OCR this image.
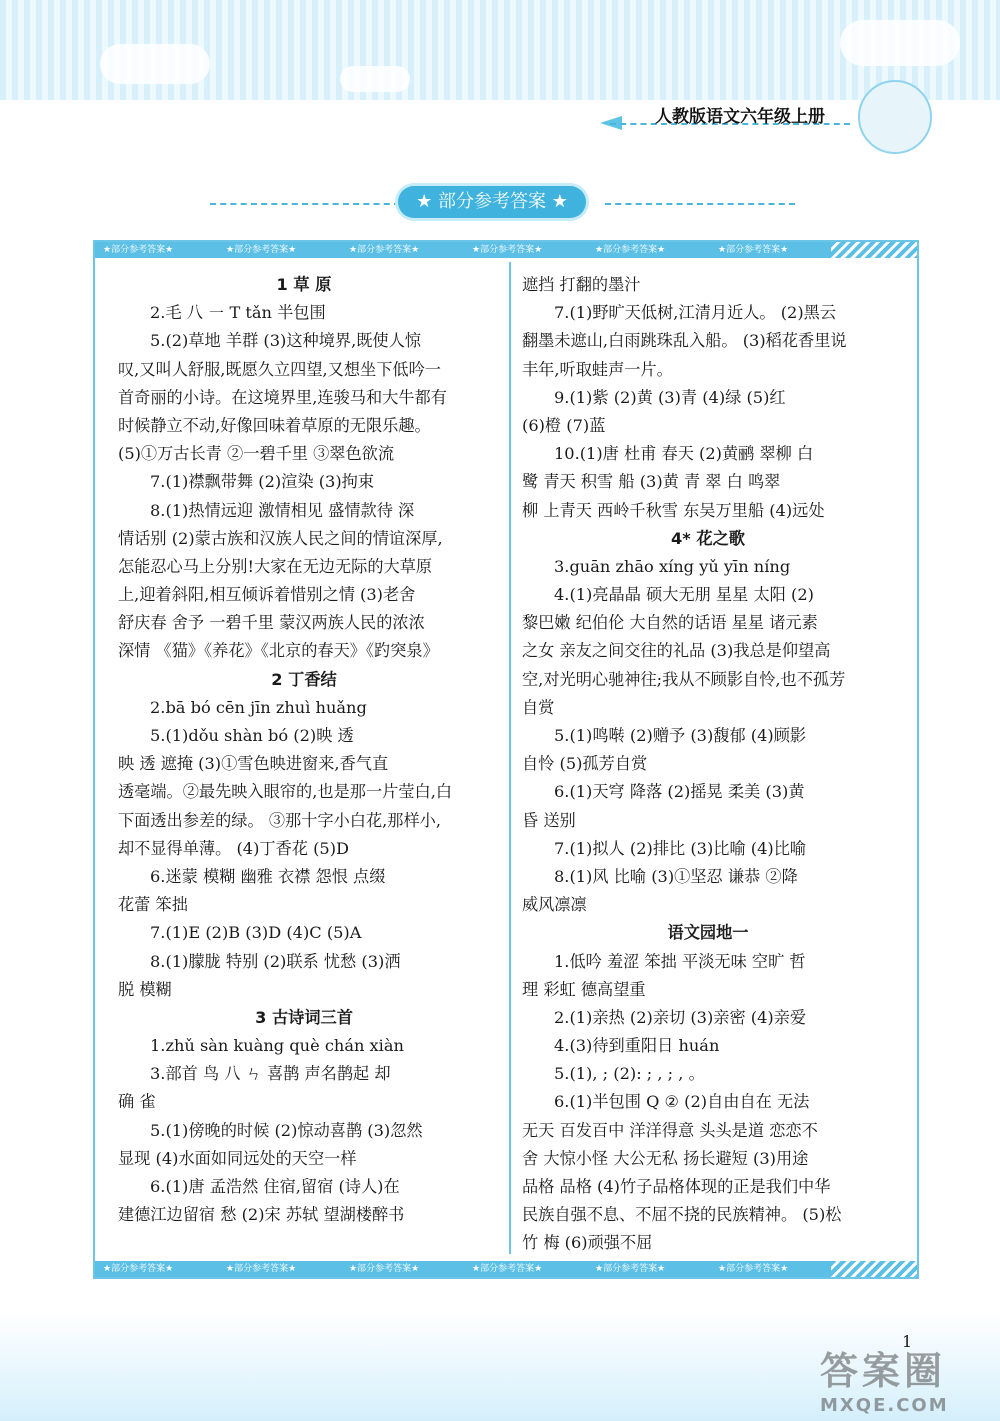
人教版语文六年级上册
★ 部分参考答案 ★
★部分参考答案★	★部分参考答案★	★部分参考答案★	★部分参考答案★	★部分参考答案★	★部分参考答案★
★部分参考答案★	★部分参考答案★	★部分参考答案★	★部分参考答案★	★部分参考答案★	★部分参考答案★
1 草 原
2.毛 八 ㇐ T tǎn 半包围
5.(2)草地 羊群 (3)这种境界,既使人惊
叹,又叫人舒服,既愿久立四望,又想坐下低吟一
首奇丽的小诗。在这境界里,连骏马和大牛都有
时候静立不动,好像回味着草原的无限乐趣。
(5)①万古长青 ②一碧千里 ③翠色欲流
7.(1)襟飘带舞 (2)渲染 (3)拘束
8.(1)热情远迎 激情相见 盛情款待 深
情话别 (2)蒙古族和汉族人民之间的情谊深厚,
怎能忍心马上分别!大家在无边无际的大草原
上,迎着斜阳,相互倾诉着惜别之情 (3)老舍
舒庆春 舍予 一碧千里 蒙汉两族人民的浓浓
深情 《猫》《养花》《北京的春天》《趵突泉》
2 丁香结
2.bā bó cēn jīn zhuì huǎng
5.(1)dǒu shàn bó (2)映 透
映 透 遮掩 (3)①雪色映进窗来,香气直
透毫端。②最先映入眼帘的,也是那一片莹白,白
下面透出参差的绿。 ③那十字小白花,那样小,
却不显得单薄。 (4)丁香花 (5)D
6.迷蒙 模糊 幽雅 衣襟 怨恨 点缀
花蕾 笨拙
7.(1)E (2)B (3)D (4)C (5)A
8.(1)朦胧 特别 (2)联系 忧愁 (3)洒
脱 模糊
3 古诗词三首
1.zhǔ sàn kuàng què chán xiàn
3.部首 鸟 八 ㄣ 喜鹊 声名鹊起 却
确 雀
5.(1)傍晚的时候 (2)惊动喜鹊 (3)忽然
显现 (4)水面如同远处的天空一样
6.(1)唐 孟浩然 住宿,留宿 (诗人)在
建德江边留宿 愁 (2)宋 苏轼 望湖楼醉书
遮挡 打翻的墨汁
7.(1)野旷天低树,江清月近人。 (2)黑云
翻墨未遮山,白雨跳珠乱入船。 (3)稻花香里说
丰年,听取蛙声一片。
9.(1)紫 (2)黄 (3)青 (4)绿 (5)红
(6)橙 (7)蓝
10.(1)唐 杜甫 春天 (2)黄鹂 翠柳 白
鹭 青天 积雪 船 (3)黄 青 翠 白 鸣翠
柳 上青天 西岭千秋雪 东吴万里船 (4)远处
4* 花之歌
3.guān zhāo xíng yǔ yīn níng
4.(1)亮晶晶 硕大无朋 星星 太阳 (2)
黎巴嫩 纪伯伦 大自然的话语 星星 诸元素
之女 亲友之间交往的礼品 (3)我总是仰望高
空,对光明心驰神往;我从不顾影自怜,也不孤芳
自赏
5.(1)鸣啭 (2)赠予 (3)馥郁 (4)顾影
自怜 (5)孤芳自赏
6.(1)天穹 降落 (2)摇晃 柔美 (3)黄
昏 送别
7.(1)拟人 (2)排比 (3)比喻 (4)比喻
8.(1)风 比喻 (3)①坚忍 谦恭 ②降
威风凛凛
语文园地一
1.低吟 羞涩 笨拙 平淡无味 空旷 哲
理 彩虹 德高望重
2.(1)亲热 (2)亲切 (3)亲密 (4)亲爱
4.(3)待到重阳日 huán
5.(1), ; (2): ; , ; , 。
6.(1)半包围 Q ② (2)自由自在 无法
无天 百发百中 洋洋得意 头头是道 恋恋不
舍 大惊小怪 大公无私 扬长避短 (3)用途
品格 品格 (4)竹子品格体现的正是我们中华
民族自强不息、不屈不挠的民族精神。 (5)松
竹 梅 (6)顽强不屈
1
答案圈
MXQE.COM
